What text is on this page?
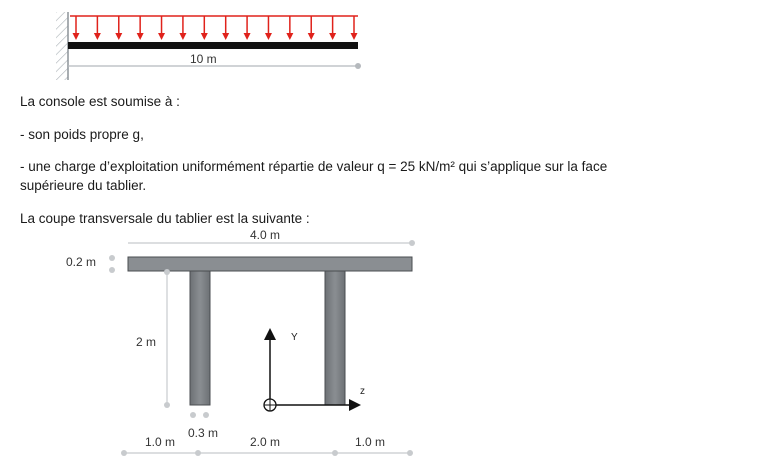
10 m

La console est soumise à :

- son poids propre g,

- une charge d’exploitation uniformément répartie de valeur q = 25 kN/m² qui s’applique sur la face

supérieure du tablier.

La coupe transversale du tablier est la suivante :

4.0 m
0.2 m
2 m
0.3 m
Y
z
1.0 m	2.0 m	1.0 m
